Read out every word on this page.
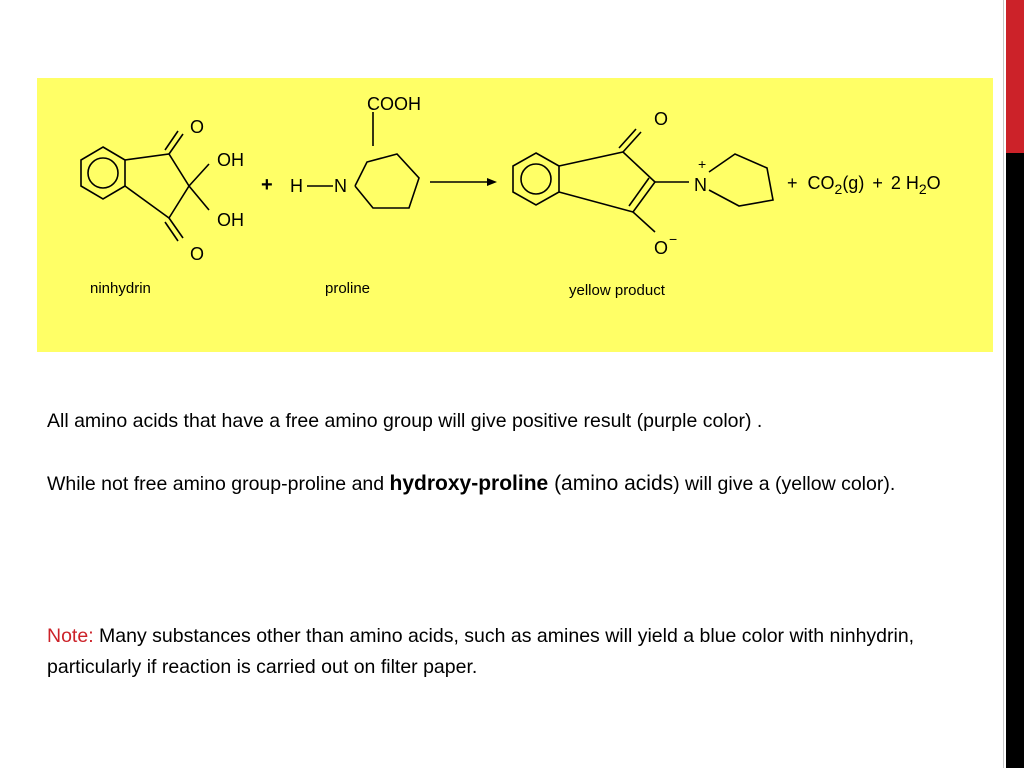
O
OH
OH
O
+
COOH
H N
O
N
+
O −
+ $CO_2(g) + 2$ $H_2O$
ninhydrin	proline	yellow product
All amino acids that have a free amino group will give positive result (purple color) .
While not free amino group-proline and hydroxy-proline (amino acids) will give a (yellow color).
Note: Many substances other than amino acids, such as amines will yield a blue color with ninhydrin, particularly if reaction is carried out on filter paper.
